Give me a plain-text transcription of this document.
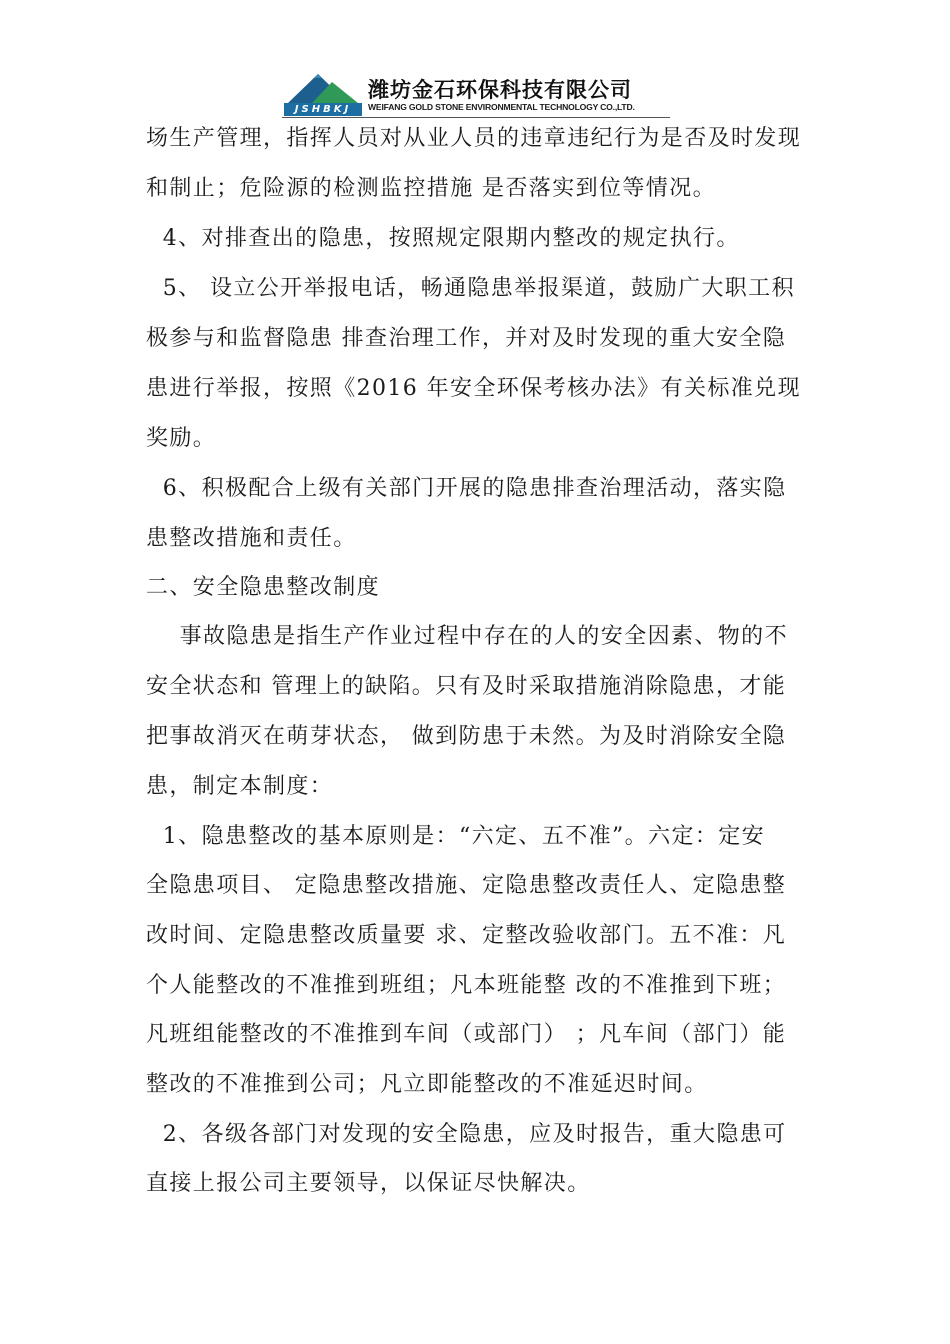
JSHBKJ
潍坊金石环保科技有限公司
WEIFANG GOLD STONE ENVIRONMENTAL TECHNOLOGY CO.,LTD.
场生产管理，指挥人员对从业人员的违章违纪行为是否及时发现
和制止；危险源的检测监控措施 是否落实到位等情况。
4、对排查出的隐患，按照规定限期内整改的规定执行。
5、 设立公开举报电话，畅通隐患举报渠道，鼓励广大职工积
极参与和监督隐患 排查治理工作，并对及时发现的重大安全隐
患进行举报，按照《2016 年安全环保考核办法》有关标准兑现
奖励。
6、积极配合上级有关部门开展的隐患排查治理活动，落实隐
患整改措施和责任。
二、安全隐患整改制度
事故隐患是指生产作业过程中存在的人的安全因素、物的不
安全状态和 管理上的缺陷。只有及时采取措施消除隐患，才能
把事故消灭在萌芽状态， 做到防患于未然。为及时消除安全隐
患，制定本制度：
1、隐患整改的基本原则是：“六定、五不准”。六定：定安
全隐患项目、 定隐患整改措施、定隐患整改责任人、定隐患整
改时间、定隐患整改质量要 求、定整改验收部门。五不准：凡
个人能整改的不准推到班组；凡本班能整 改的不准推到下班；
凡班组能整改的不准推到车间（或部门） ；凡车间（部门）能
整改的不准推到公司；凡立即能整改的不准延迟时间。
2、各级各部门对发现的安全隐患，应及时报告，重大隐患可
直接上报公司主要领导，以保证尽快解决。
